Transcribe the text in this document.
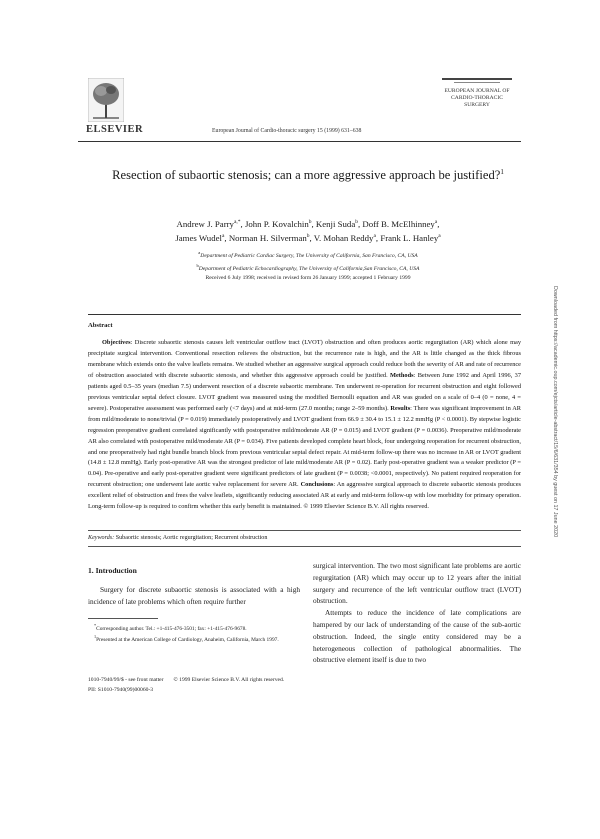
ELSEVIER	European Journal of Cardio-thoracic surgery 15 (1999) 631–638
EUROPEAN JOURNAL OF
CARDIO-THORACIC
SURGERY
Resection of subaortic stenosis; can a more aggressive approach be justified?$^1$
Andrew J. Parry$^{a,*}$, John P. Kovalchin$^b$, Kenji Suda$^b$, Doff B. McElhinney$^a$,
James Wudel$^a$, Norman H. Silverman$^b$, V. Mohan Reddy$^a$, Frank L. Hanley$^a$
$^a$Department of Pediatric Cardiac Surgery, The University of California, San Francisco, CA, USA
$^b$Department of Pediatric Echocardiography, The University of California,San Francisco, CA, USA
Received 6 July 1998; received in revised form 26 January 1999; accepted 1 February 1999
Downloaded from https://academic.oup.com/ejcts/article-abstract/15/6/631/354 by guest on 17 June 2020
Abstract

Objectives: Discrete subaortic stenosis causes left ventricular outflow tract (LVOT) obstruction and often produces aortic regurgitation (AR) which alone may precipitate surgical intervention. Conventional resection relieves the obstruction, but the recurrence rate is high, and the AR is little changed as the thick fibrous membrane which extends onto the valve leaflets remains. We studied whether an aggressive surgical approach could reduce both the severity of AR and rate of recurrence of obstruction associated with discrete subaortic stenosis, and whether this aggressive approach could be justified. Methods: Between June 1992 and April 1996, 37 patients aged 0.5–35 years (median 7.5) underwent resection of a discrete subaortic membrane. Ten underwent re-operation for recurrent obstruction and eight followed previous ventricular septal defect closure. LVOT gradient was measured using the modified Bernoulli equation and AR was graded on a scale of 0–4 (0 = none, 4 = severe). Postoperative assessment was performed early (<7 days) and at mid-term (27.0 months; range 2–59 months). Results: There was significant improvement in AR from mild/moderate to none/trivial (P = 0.019) immediately postoperatively and LVOT gradient from 66.9 ± 30.4 to 15.1 ± 12.2 mmHg (P < 0.0001). By stepwise logistic regression preoperative gradient correlated significantly with postoperative mild/moderate AR (P = 0.015) and LVOT gradient (P = 0.0036). Preoperative mild/moderate AR also correlated with postoperative mild/moderate AR (P = 0.034). Five patients developed complete heart block, four undergoing reoperation for recurrent obstruction, and one preoperatively had right bundle branch block from previous ventricular septal defect repair. At mid-term follow-up there was no increase in AR or LVOT gradient (14.8 ± 12.8 mmHg). Early post-operative AR was the strongest predictor of late mild/moderate AR (P = 0.02). Early post-operative gradient was a weaker predictor (P = 0.04). Pre-operative and early post-operative gradient were significant predictors of late gradient (P = 0.0038; <0.0001, respectively). No patient required reoperation for recurrent obstruction; one underwent late aortic valve replacement for severe AR. Conclusions: An aggressive surgical approach to discrete subaortic stenosis produces excellent relief of obstruction and frees the valve leaflets, significantly reducing associated AR at early and mid-term follow-up with low morbidity for primary operation. Long-term follow-up is required to confirm whether this early benefit is maintained. © 1999 Elsevier Science B.V. All rights reserved.

Keywords: Subaortic stenosis; Aortic regurgitation; Recurrent obstruction
1. Introduction

Surgery for discrete subaortic stenosis is associated with a high incidence of late problems which often require further

surgical intervention. The two most significant late problems are aortic regurgitation (AR) which may occur up to 12 years after the initial surgery and recurrence of the left ventricular outflow tract (LVOT) obstruction.

Attempts to reduce the incidence of late complications are hampered by our lack of understanding of the cause of the sub-aortic obstruction. Indeed, the single entity considered may be a heterogeneous collection of pathological abnormalities. The obstructive element itself is due to two

*Corresponding author. Tel.: +1-415-476-3501; fax: +1-415-476-9678.

$^1$Presented at the American College of Cardiology, Anaheim, California, March 1997.

1010-7940/99/$ - see front matter © 1999 Elsevier Science B.V. All rights reserved.
PII: S1010-7940(99)00060-3
